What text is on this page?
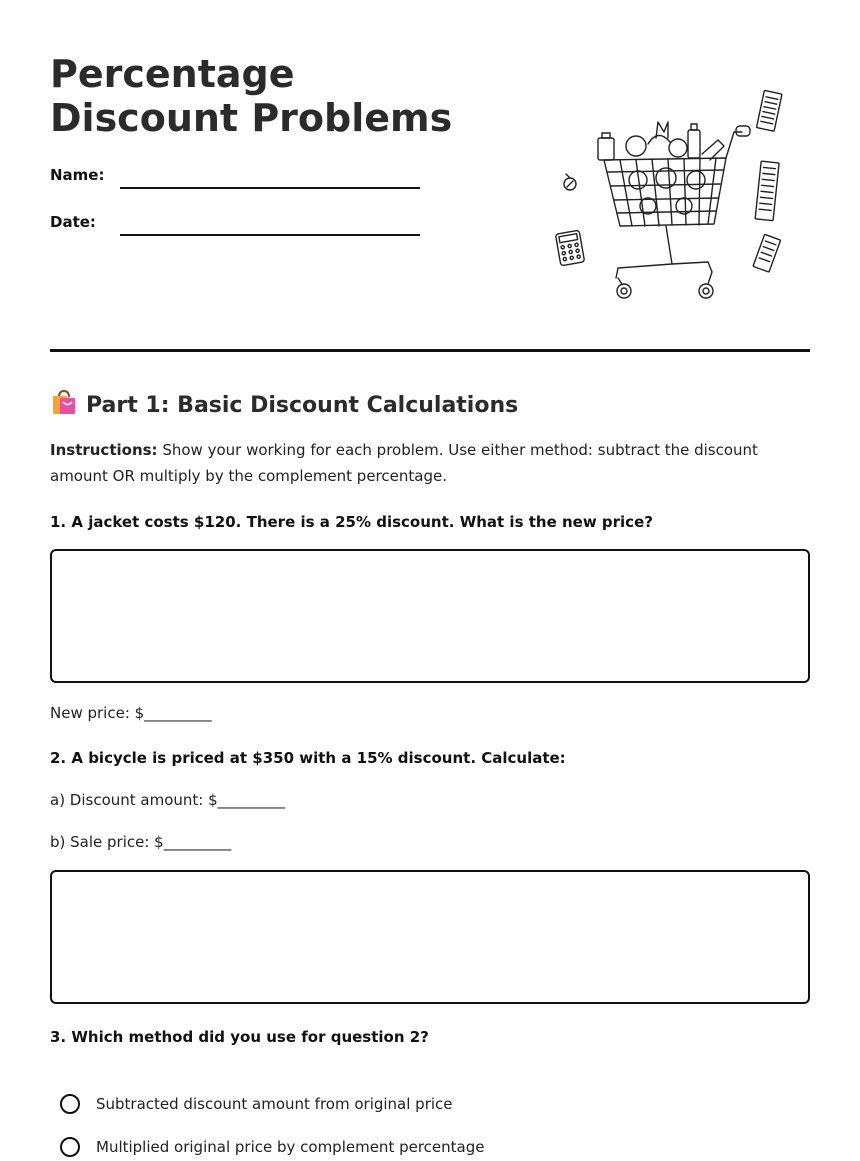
Percentage Discount Problems
Name:
Date:
Part 1: Basic Discount Calculations
Instructions: Show your working for each problem. Use either method: subtract the discount amount OR multiply by the complement percentage.
1. A jacket costs $120. There is a 25% discount. What is the new price?
New price: $_________
2. A bicycle is priced at $350 with a 15% discount. Calculate:
a) Discount amount: $_________
b) Sale price: $_________
3. Which method did you use for question 2?
Subtracted discount amount from original price
Multiplied original price by complement percentage
